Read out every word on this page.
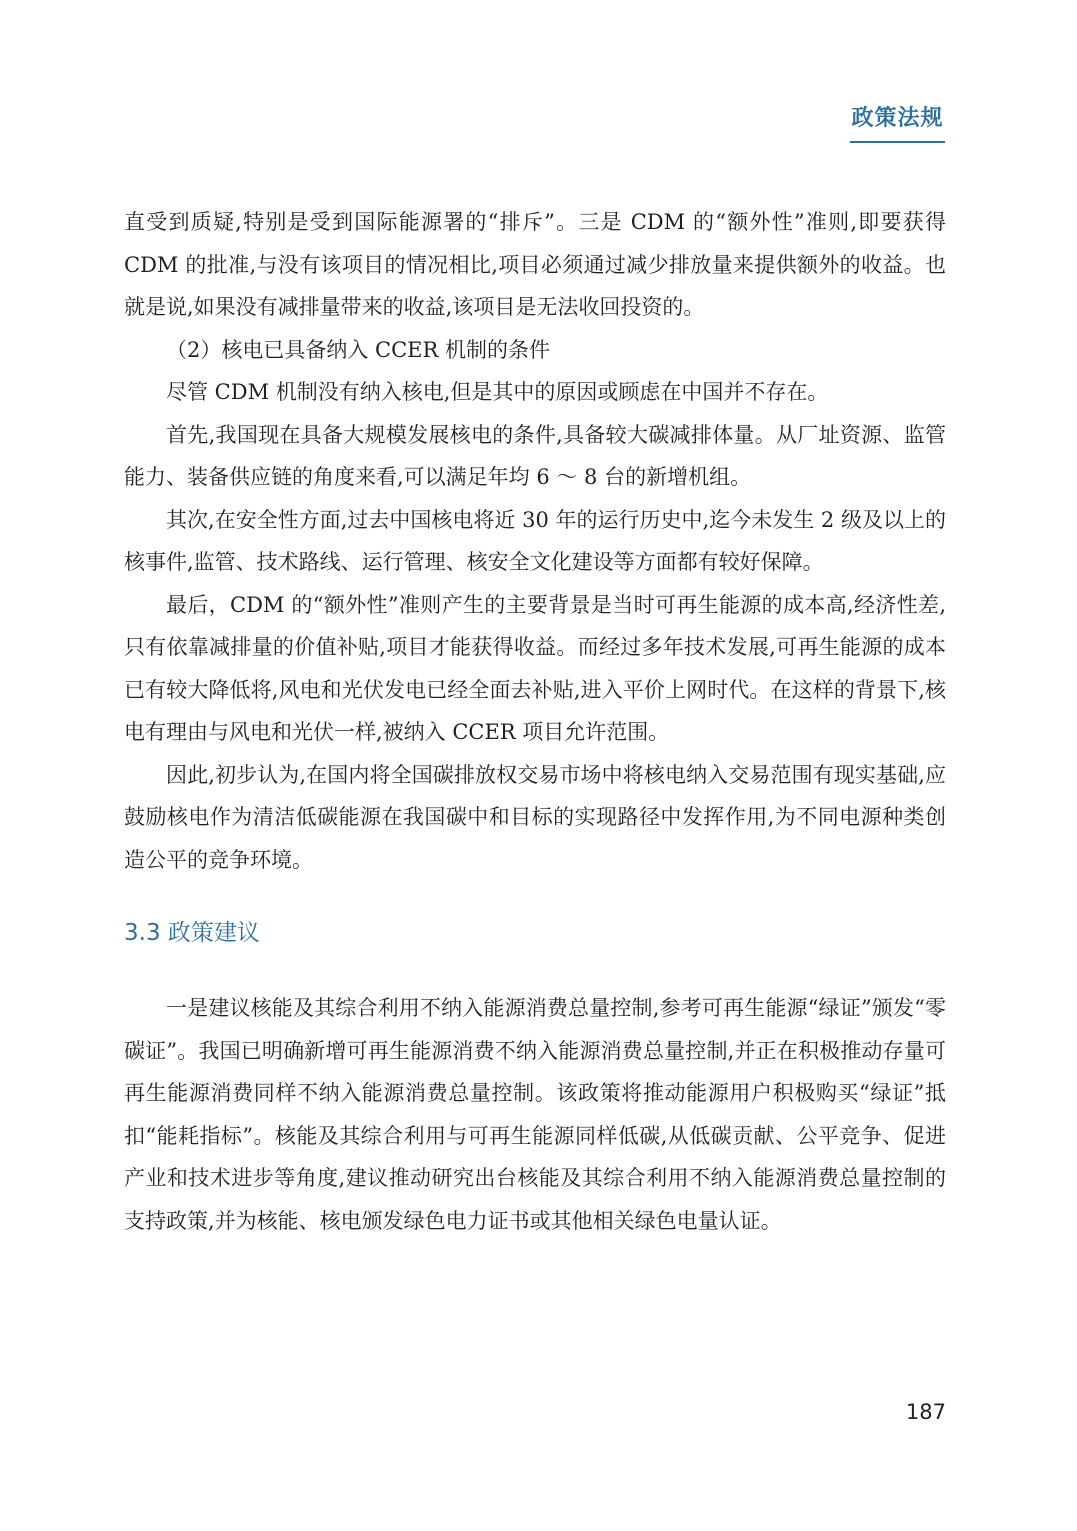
政策法规

直受到质疑,特别是受到国际能源署的“排斥”。三是 CDM 的“额外性”准则,即要获得 CDM 的批准,与没有该项目的情况相比,项目必须通过减少排放量来提供额外的收益。也就是说,如果没有减排量带来的收益,该项目是无法收回投资的。

（2）核电已具备纳入 CCER 机制的条件

尽管 CDM 机制没有纳入核电,但是其中的原因或顾虑在中国并不存在。

首先,我国现在具备大规模发展核电的条件,具备较大碳减排体量。从厂址资源、监管能力、装备供应链的角度来看,可以满足年均 6 ～ 8 台的新增机组。

其次,在安全性方面,过去中国核电将近 30 年的运行历史中,迄今未发生 2 级及以上的核事件,监管、技术路线、运行管理、核安全文化建设等方面都有较好保障。

最后，CDM 的“额外性”准则产生的主要背景是当时可再生能源的成本高,经济性差,只有依靠减排量的价值补贴,项目才能获得收益。而经过多年技术发展,可再生能源的成本已有较大降低将,风电和光伏发电已经全面去补贴,进入平价上网时代。在这样的背景下,核电有理由与风电和光伏一样,被纳入 CCER 项目允许范围。

因此,初步认为,在国内将全国碳排放权交易市场中将核电纳入交易范围有现实基础,应鼓励核电作为清洁低碳能源在我国碳中和目标的实现路径中发挥作用,为不同电源种类创造公平的竞争环境。

3.3 政策建议

一是建议核能及其综合利用不纳入能源消费总量控制,参考可再生能源“绿证”颁发“零碳证”。我国已明确新增可再生能源消费不纳入能源消费总量控制,并正在积极推动存量可再生能源消费同样不纳入能源消费总量控制。该政策将推动能源用户积极购买“绿证”抵扣“能耗指标”。核能及其综合利用与可再生能源同样低碳,从低碳贡献、公平竞争、促进产业和技术进步等角度,建议推动研究出台核能及其综合利用不纳入能源消费总量控制的支持政策,并为核能、核电颁发绿色电力证书或其他相关绿色电量认证。

187
